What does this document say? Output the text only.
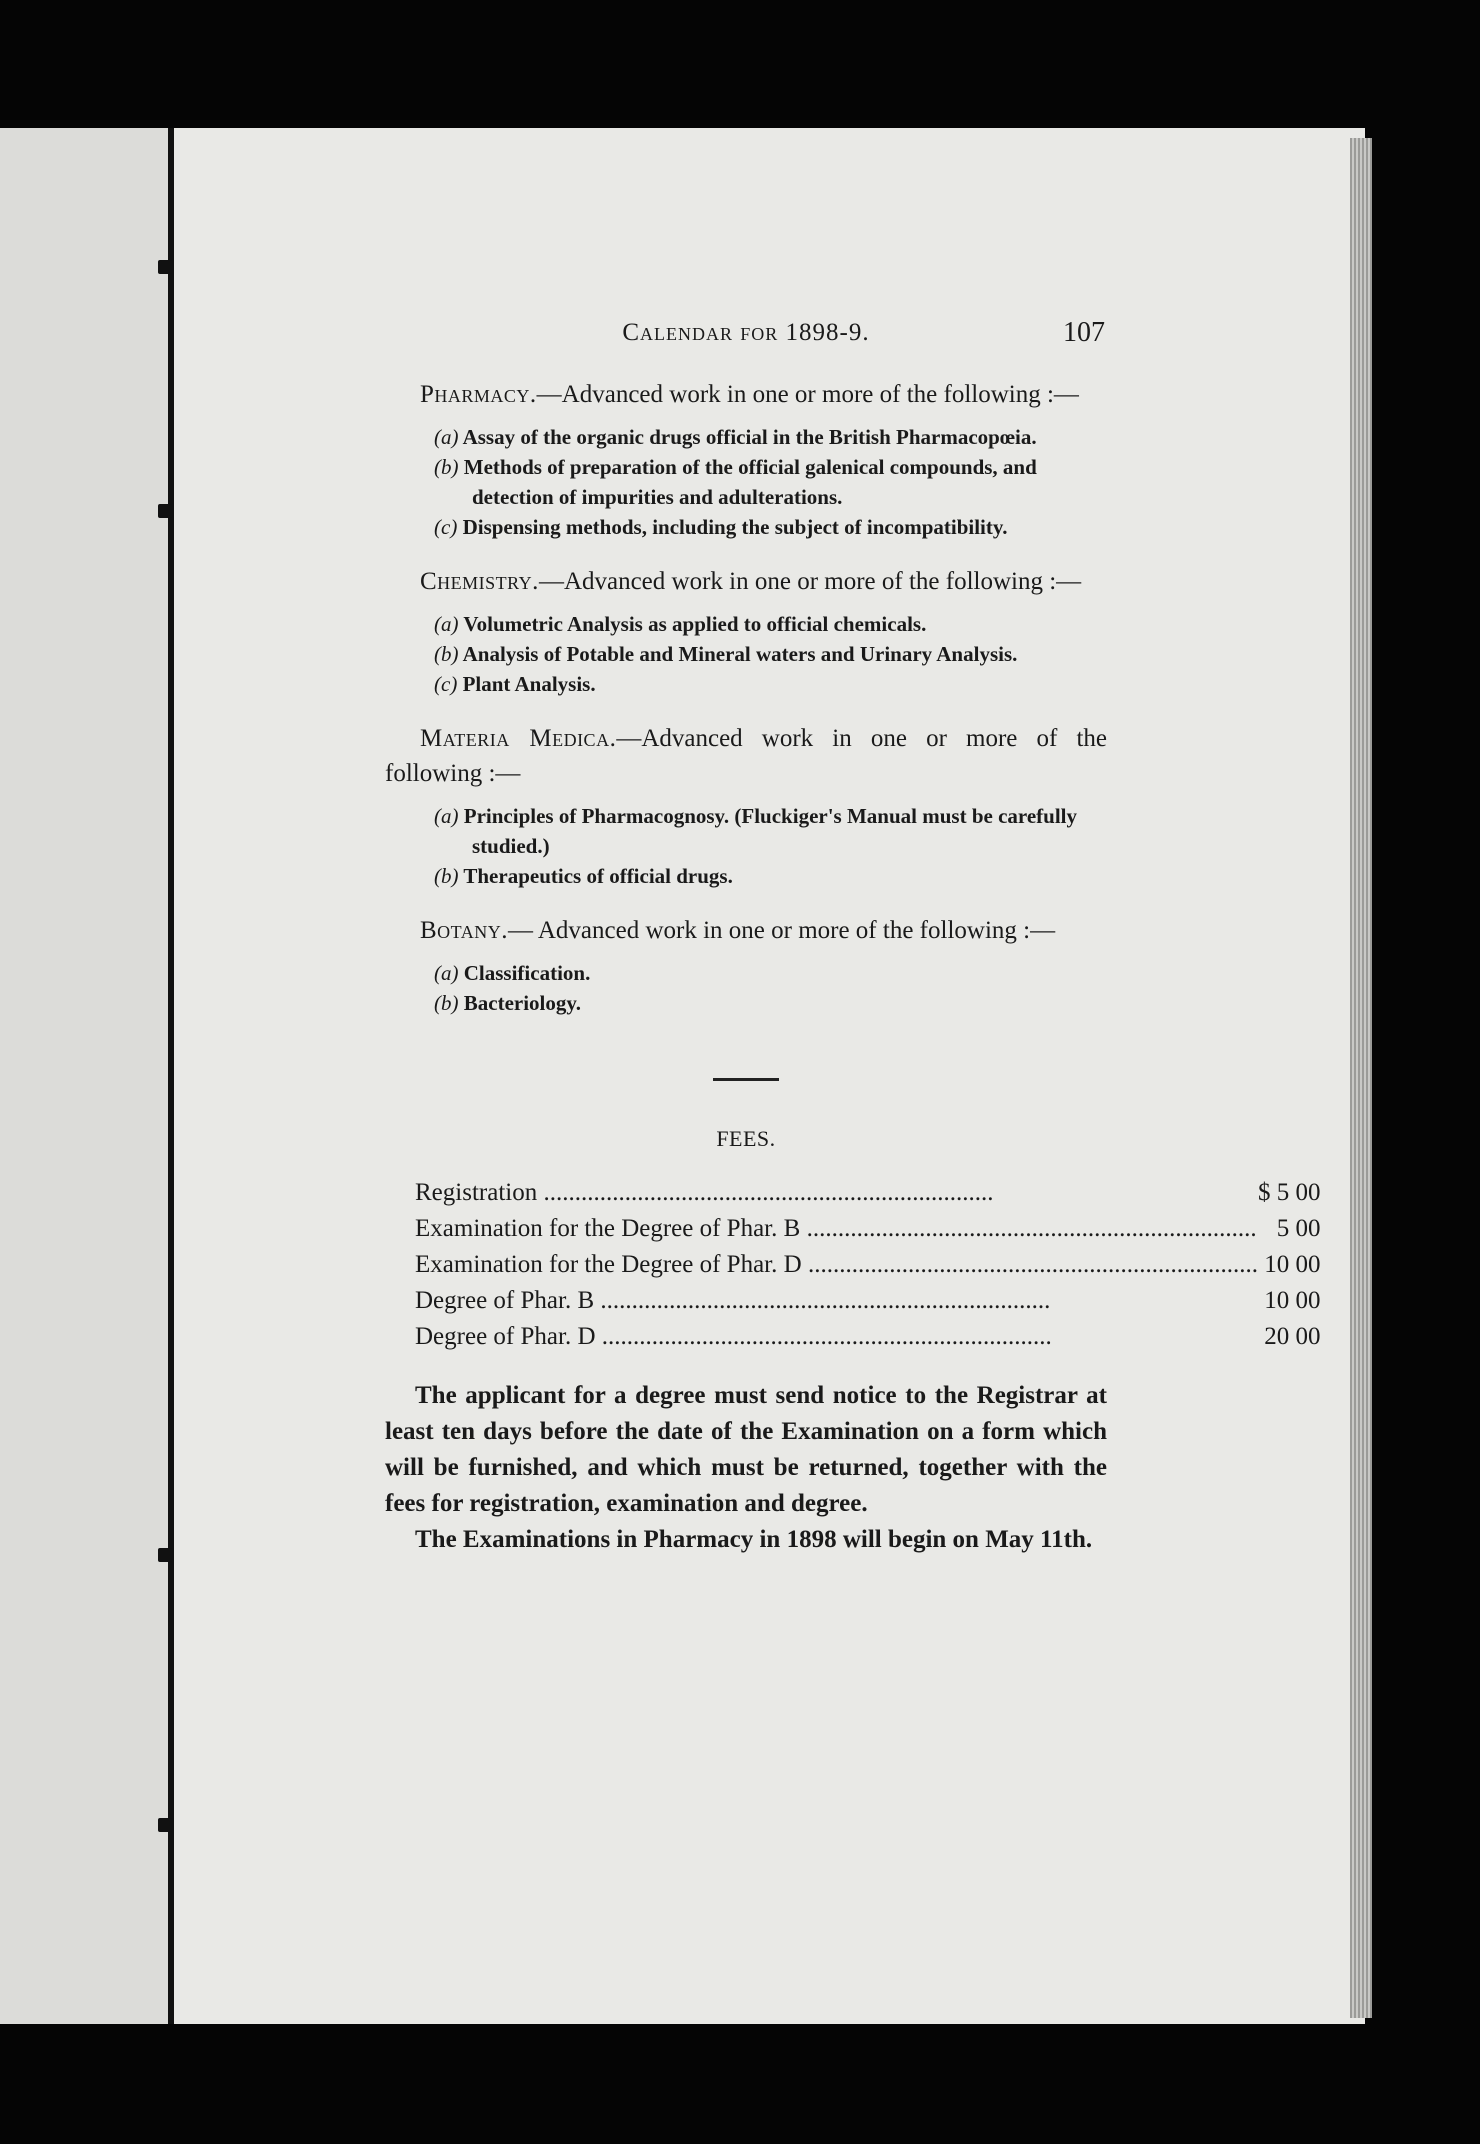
Calendar for 1898-9.	107

Pharmacy.—Advanced work in one or more of the following :—

(a) Assay of the organic drugs official in the British Pharmacopœia.
(b) Methods of preparation of the official galenical compounds, and detection of impurities and adulterations.
(c) Dispensing methods, including the subject of incompatibility.

Chemistry.—Advanced work in one or more of the following :—

(a) Volumetric Analysis as applied to official chemicals.
(b) Analysis of Potable and Mineral waters and Urinary Analysis.
(c) Plant Analysis.

Materia Medica.—Advanced work in one or more of the following :—

(a) Principles of Pharmacognosy. (Fluckiger's Manual must be carefully studied.)
(b) Therapeutics of official drugs.

Botany.— Advanced work in one or more of the following :—

(a) Classification.
(b) Bacteriology.
FEES.
Registration .....	$ 5 00
Examination for the Degree of Phar. B .....	5 00
Examination for the Degree of Phar. D .....	10 00
Degree of Phar. B .....	10 00
Degree of Phar. D .....	20 00

The applicant for a degree must send notice to the Registrar at least ten days before the date of the Examination on a form which will be furnished, and which must be returned, together with the fees for registration, examination and degree.

The Examinations in Pharmacy in 1898 will begin on May 11th.
